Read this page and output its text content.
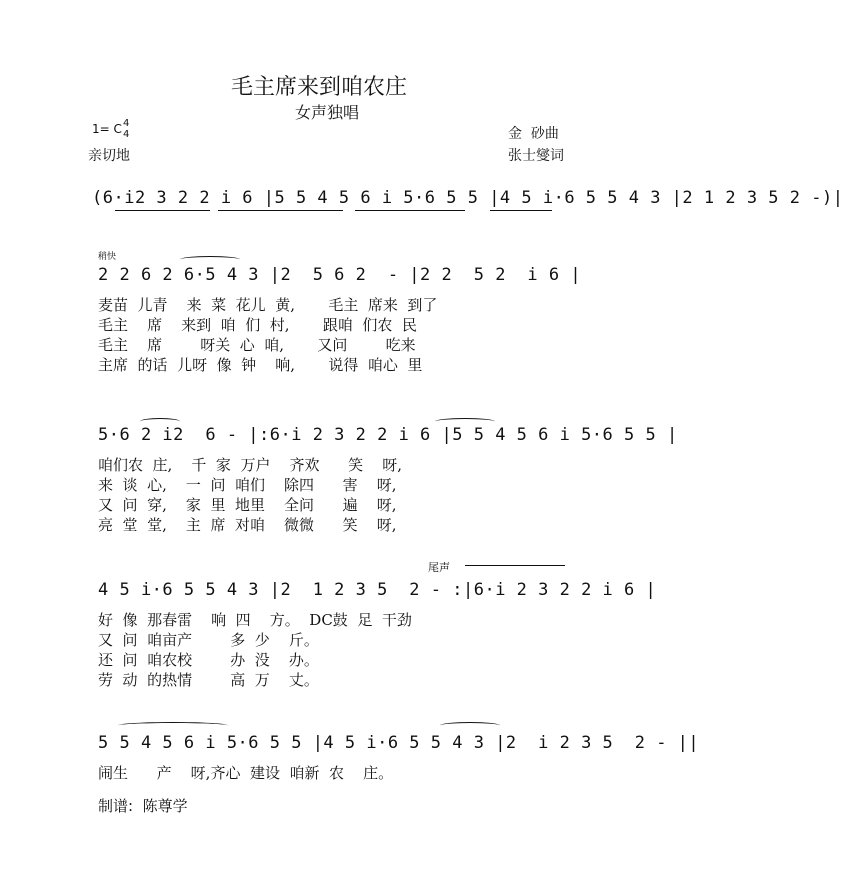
毛主席来到咱农庄
女声独唱
1= C 4
4
亲切地
金  砂曲
张士燮词
(6·i2 3 2 2 i 6 |5 5 4 5 6 i 5·6 5 5 |4 5 i·6 5 5 4 3 |2 1 2 3 5 2 -)|
稍快
2 2 6 2 6·5 4 3 |2  5 6 2  - |2 2  5 2  i 6 |
麦苗  儿青    来  菜  花儿  黄,       毛主  席来  到了
毛主    席    来到  咱  们  村,       跟咱  们农  民
毛主    席        呀关  心  咱,       又问        吃来
主席  的话  儿呀  像  钟    响,       说得  咱心  里
5·6 2 i2  6 - |:6·i 2 3 2 2 i 6 |5 5 4 5 6 i 5·6 5 5 |
咱们农  庄,    千  家  万户    齐欢      笑    呀,
来  谈  心,    一  问  咱们    除四      害    呀,
又  问  穿,    家  里  地里    全问      遍    呀,
亮  堂  堂,    主  席  对咱    微微      笑    呀,
尾声
4 5 i·6 5 5 4 3 |2  1 2 3 5  2 - :|6·i 2 3 2 2 i 6 |
好  像  那春雷    响  四    方。  DC鼓  足  干劲
又  问  咱亩产        多  少    斤。
还  问  咱农校        办  没    办。
劳  动  的热情        高  万    丈。
5 5 4 5 6 i 5·6 5 5 |4 5 i·6 5 5 4 3 |2  i 2 3 5  2 - ||
闹生      产    呀,齐心  建设  咱新  农    庄。
制谱:  陈尊学
